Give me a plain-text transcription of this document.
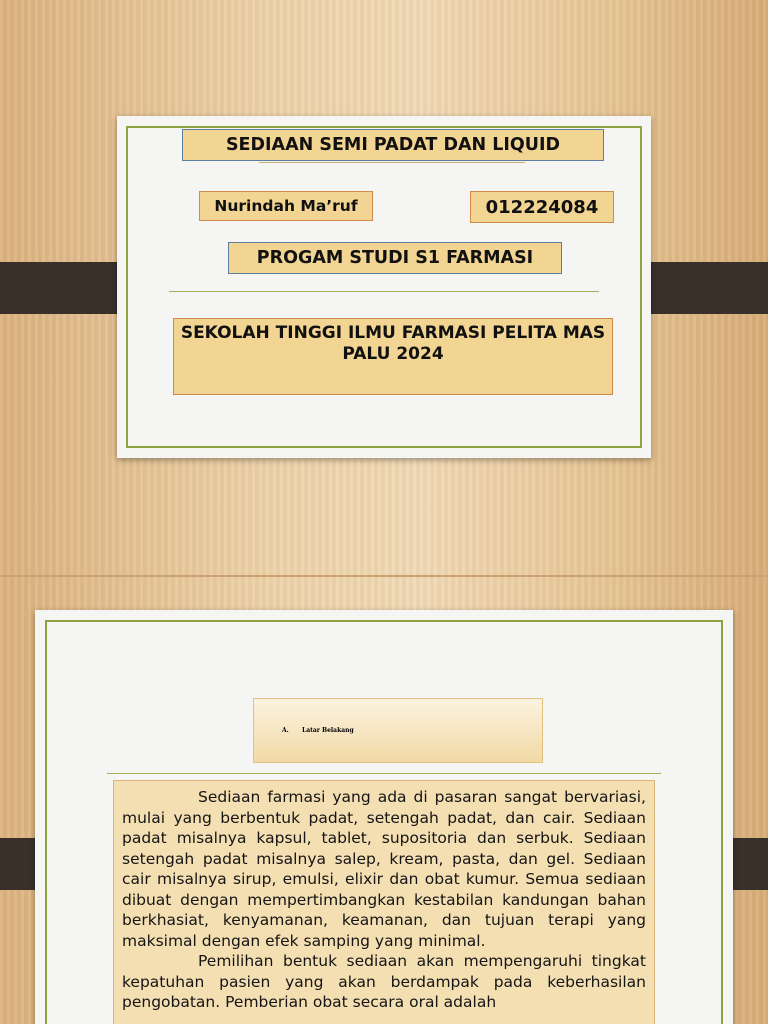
SEDIAAN SEMI PADAT DAN LIQUID
Nurindah Ma’ruf	012224084
PROGAM STUDI S1 FARMASI
SEKOLAH TINGGI ILMU FARMASI PELITA MAS PALU 2024
A. Latar Belakang

Sediaan farmasi yang ada di pasaran sangat bervariasi, mulai yang berbentuk padat, setengah padat, dan cair. Sediaan padat misalnya kapsul, tablet, supositoria dan serbuk. Sediaan setengah padat misalnya salep, kream, pasta, dan gel. Sediaan cair misalnya sirup, emulsi, elixir dan obat kumur. Semua sediaan dibuat dengan mempertimbangkan kestabilan kandungan bahan berkhasiat, kenyamanan, keamanan, dan tujuan terapi yang maksimal dengan efek samping yang minimal.

Pemilihan bentuk sediaan akan mempengaruhi tingkat kepatuhan pasien yang akan berdampak pada keberhasilan pengobatan. Pemberian obat secara oral adalah
